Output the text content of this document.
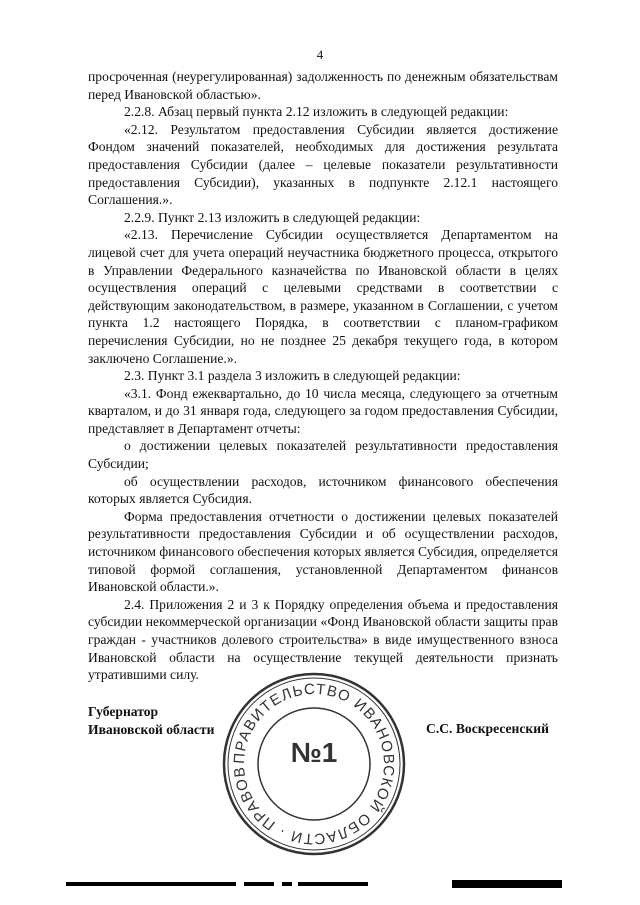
4

просроченная (неурегулированная) задолженность по денежным обязательствам перед Ивановской областью».

2.2.8. Абзац первый пункта 2.12 изложить в следующей редакции:

«2.12. Результатом предоставления Субсидии является достижение Фондом значений показателей, необходимых для достижения результата предоставления Субсидии (далее – целевые показатели результативности предоставления Субсидии), указанных в подпункте 2.12.1 настоящего Соглашения.».

2.2.9. Пункт 2.13 изложить в следующей редакции:

«2.13. Перечисление Субсидии осуществляется Департаментом на лицевой счет для учета операций неучастника бюджетного процесса, открытого в Управлении Федерального казначейства по Ивановской области в целях осуществления операций с целевыми средствами в соответствии с действующим законодательством, в размере, указанном в Соглашении, с учетом пункта 1.2 настоящего Порядка, в соответствии с планом-графиком перечисления Субсидии, но не позднее 25 декабря текущего года, в котором заключено Соглашение.».

2.3. Пункт 3.1 раздела 3 изложить в следующей редакции:

«3.1. Фонд ежеквартально, до 10 числа месяца, следующего за отчетным кварталом, и до 31 января года, следующего за годом предоставления Субсидии, представляет в Департамент отчеты:

о достижении целевых показателей результативности предоставления Субсидии;

об осуществлении расходов, источником финансового обеспечения которых является Субсидия.

Форма предоставления отчетности о достижении целевых показателей результативности предоставления Субсидии и об осуществлении расходов, источником финансового обеспечения которых является Субсидия, определяется типовой формой соглашения, установленной Департаментом финансов Ивановской области.».

2.4. Приложения 2 и 3 к Порядку определения объема и предоставления субсидии некоммерческой организации «Фонд Ивановской области защиты прав граждан - участников долевого строительства» в виде имущественного взноса Ивановской области на осуществление текущей деятельности признать утратившими силу.

Губернатор
Ивановской области
ПРАВИТЕЛЬСТВО ИВАНОВСКОЙ ОБЛАСТИ · ПРАВОВ
№1
С.С. Воскресенский
